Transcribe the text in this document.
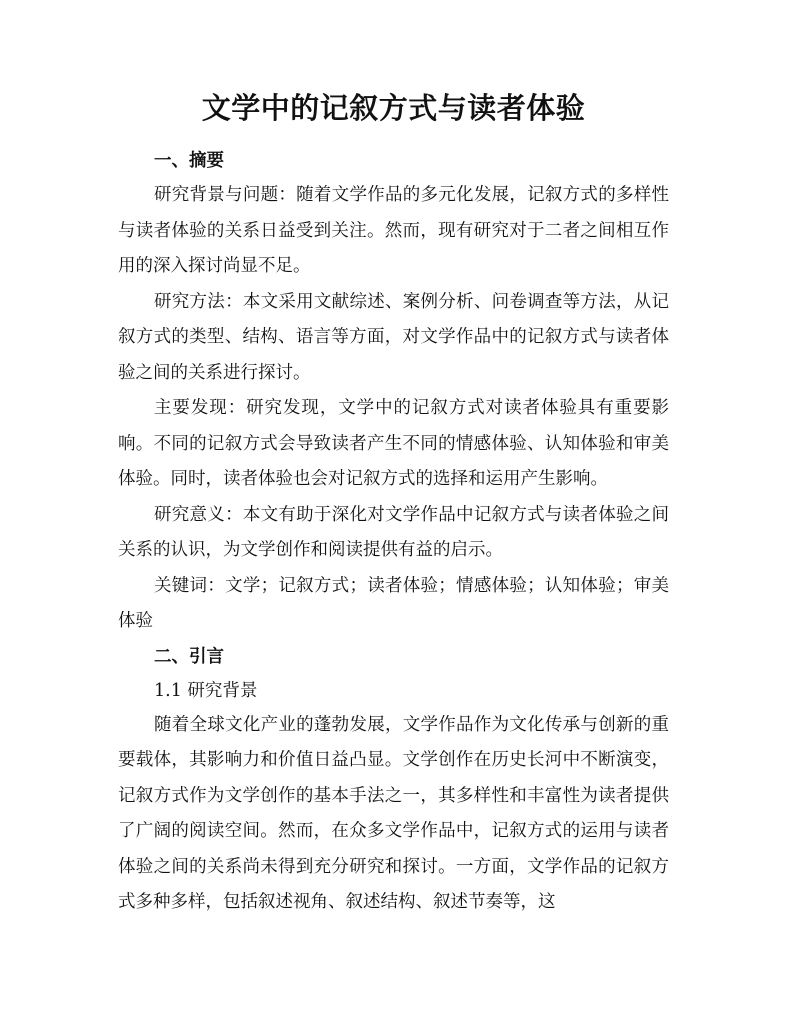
文学中的记叙方式与读者体验
一、摘要

研究背景与问题：随着文学作品的多元化发展，记叙方式的多样性与读者体验的关系日益受到关注。然而，现有研究对于二者之间相互作用的深入探讨尚显不足。

研究方法：本文采用文献综述、案例分析、问卷调查等方法，从记叙方式的类型、结构、语言等方面，对文学作品中的记叙方式与读者体验之间的关系进行探讨。

主要发现：研究发现，文学中的记叙方式对读者体验具有重要影响。不同的记叙方式会导致读者产生不同的情感体验、认知体验和审美体验。同时，读者体验也会对记叙方式的选择和运用产生影响。

研究意义：本文有助于深化对文学作品中记叙方式与读者体验之间关系的认识，为文学创作和阅读提供有益的启示。

关键词：文学；记叙方式；读者体验；情感体验；认知体验；审美体验

二、引言
1.1 研究背景

随着全球文化产业的蓬勃发展，文学作品作为文化传承与创新的重要载体，其影响力和价值日益凸显。文学创作在历史长河中不断演变，记叙方式作为文学创作的基本手法之一，其多样性和丰富性为读者提供了广阔的阅读空间。然而，在众多文学作品中，记叙方式的运用与读者体验之间的关系尚未得到充分研究和探讨。一方面，文学作品的记叙方式多种多样，包括叙述视角、叙述结构、叙述节奏等，这
